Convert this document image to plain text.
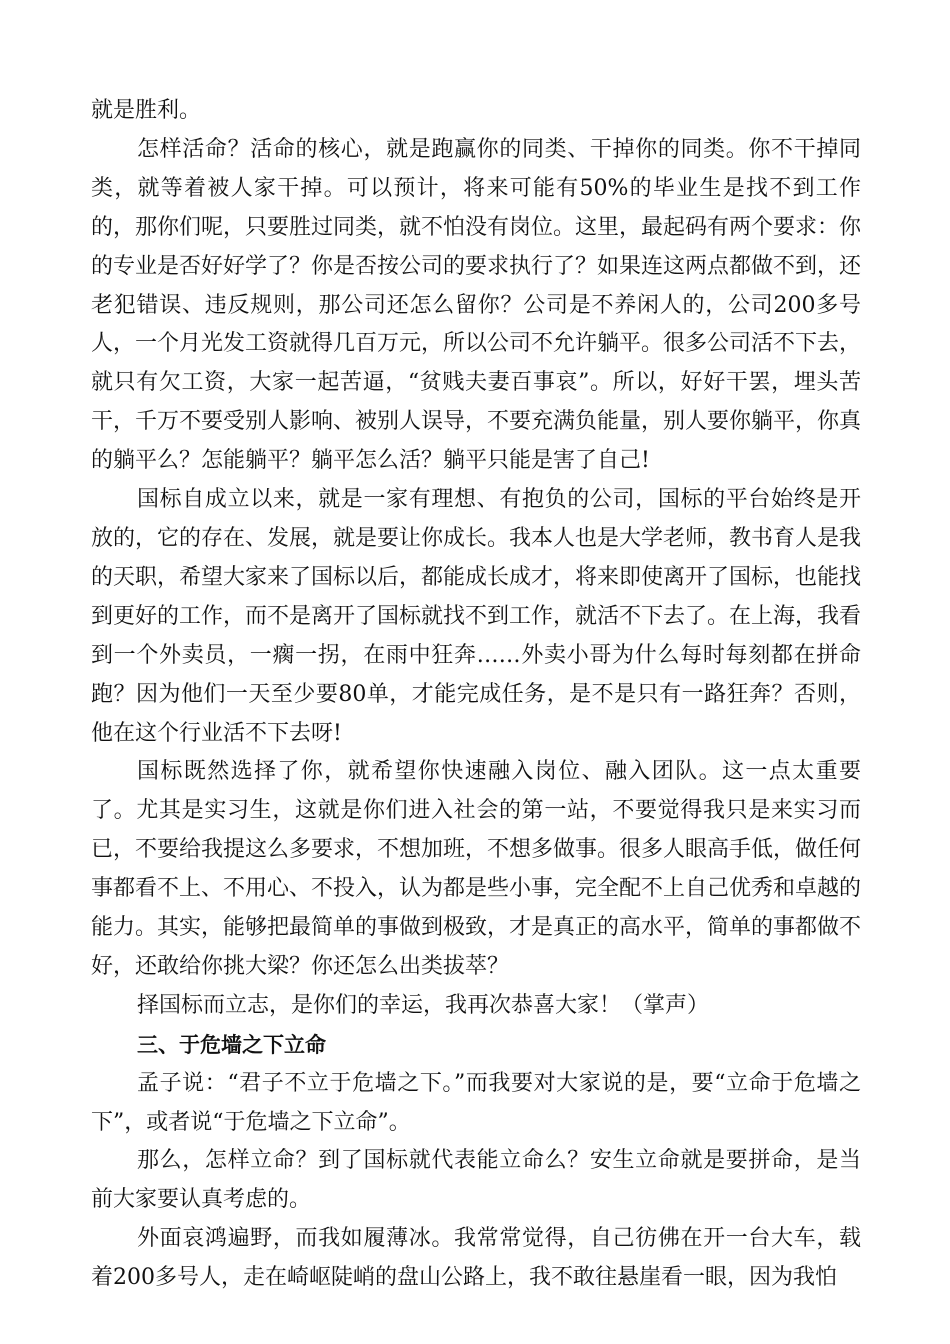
就是胜利。

怎样活命？活命的核心，就是跑赢你的同类、干掉你的同类。你不干掉同类，就等着被人家干掉。可以预计，将来可能有50%的毕业生是找不到工作的，那你们呢，只要胜过同类，就不怕没有岗位。这里，最起码有两个要求：你的专业是否好好学了？你是否按公司的要求执行了？如果连这两点都做不到，还老犯错误、违反规则，那公司还怎么留你？公司是不养闲人的，公司200多号人，一个月光发工资就得几百万元，所以公司不允许躺平。很多公司活不下去，就只有欠工资，大家一起苦逼，“贫贱夫妻百事哀”。所以，好好干罢，埋头苦干，千万不要受别人影响、被别人误导，不要充满负能量，别人要你躺平，你真的躺平么？怎能躺平？躺平怎么活？躺平只能是害了自己!

国标自成立以来，就是一家有理想、有抱负的公司，国标的平台始终是开放的，它的存在、发展，就是要让你成长。我本人也是大学老师，教书育人是我的天职，希望大家来了国标以后，都能成长成才，将来即使离开了国标，也能找到更好的工作，而不是离开了国标就找不到工作，就活不下去了。在上海，我看到一个外卖员，一瘸一拐，在雨中狂奔……外卖小哥为什么每时每刻都在拼命跑？因为他们一天至少要80单，才能完成任务，是不是只有一路狂奔？否则，他在这个行业活不下去呀!

国标既然选择了你，就希望你快速融入岗位、融入团队。这一点太重要了。尤其是实习生，这就是你们进入社会的第一站，不要觉得我只是来实习而已，不要给我提这么多要求，不想加班，不想多做事。很多人眼高手低，做任何事都看不上、不用心、不投入，认为都是些小事，完全配不上自己优秀和卓越的能力。其实，能够把最简单的事做到极致，才是真正的高水平，简单的事都做不好，还敢给你挑大梁？你还怎么出类拔萃？

择国标而立志，是你们的幸运，我再次恭喜大家！（掌声）

三、于危墙之下立命

孟子说：“君子不立于危墙之下。”而我要对大家说的是，要“立命于危墙之下”，或者说“于危墙之下立命”。

那么，怎样立命？到了国标就代表能立命么？安生立命就是要拼命，是当前大家要认真考虑的。

外面哀鸿遍野，而我如履薄冰。我常常觉得，自己彷佛在开一台大车，载着200多号人，走在崎岖陡峭的盘山公路上，我不敢往悬崖看一眼，因为我怕
